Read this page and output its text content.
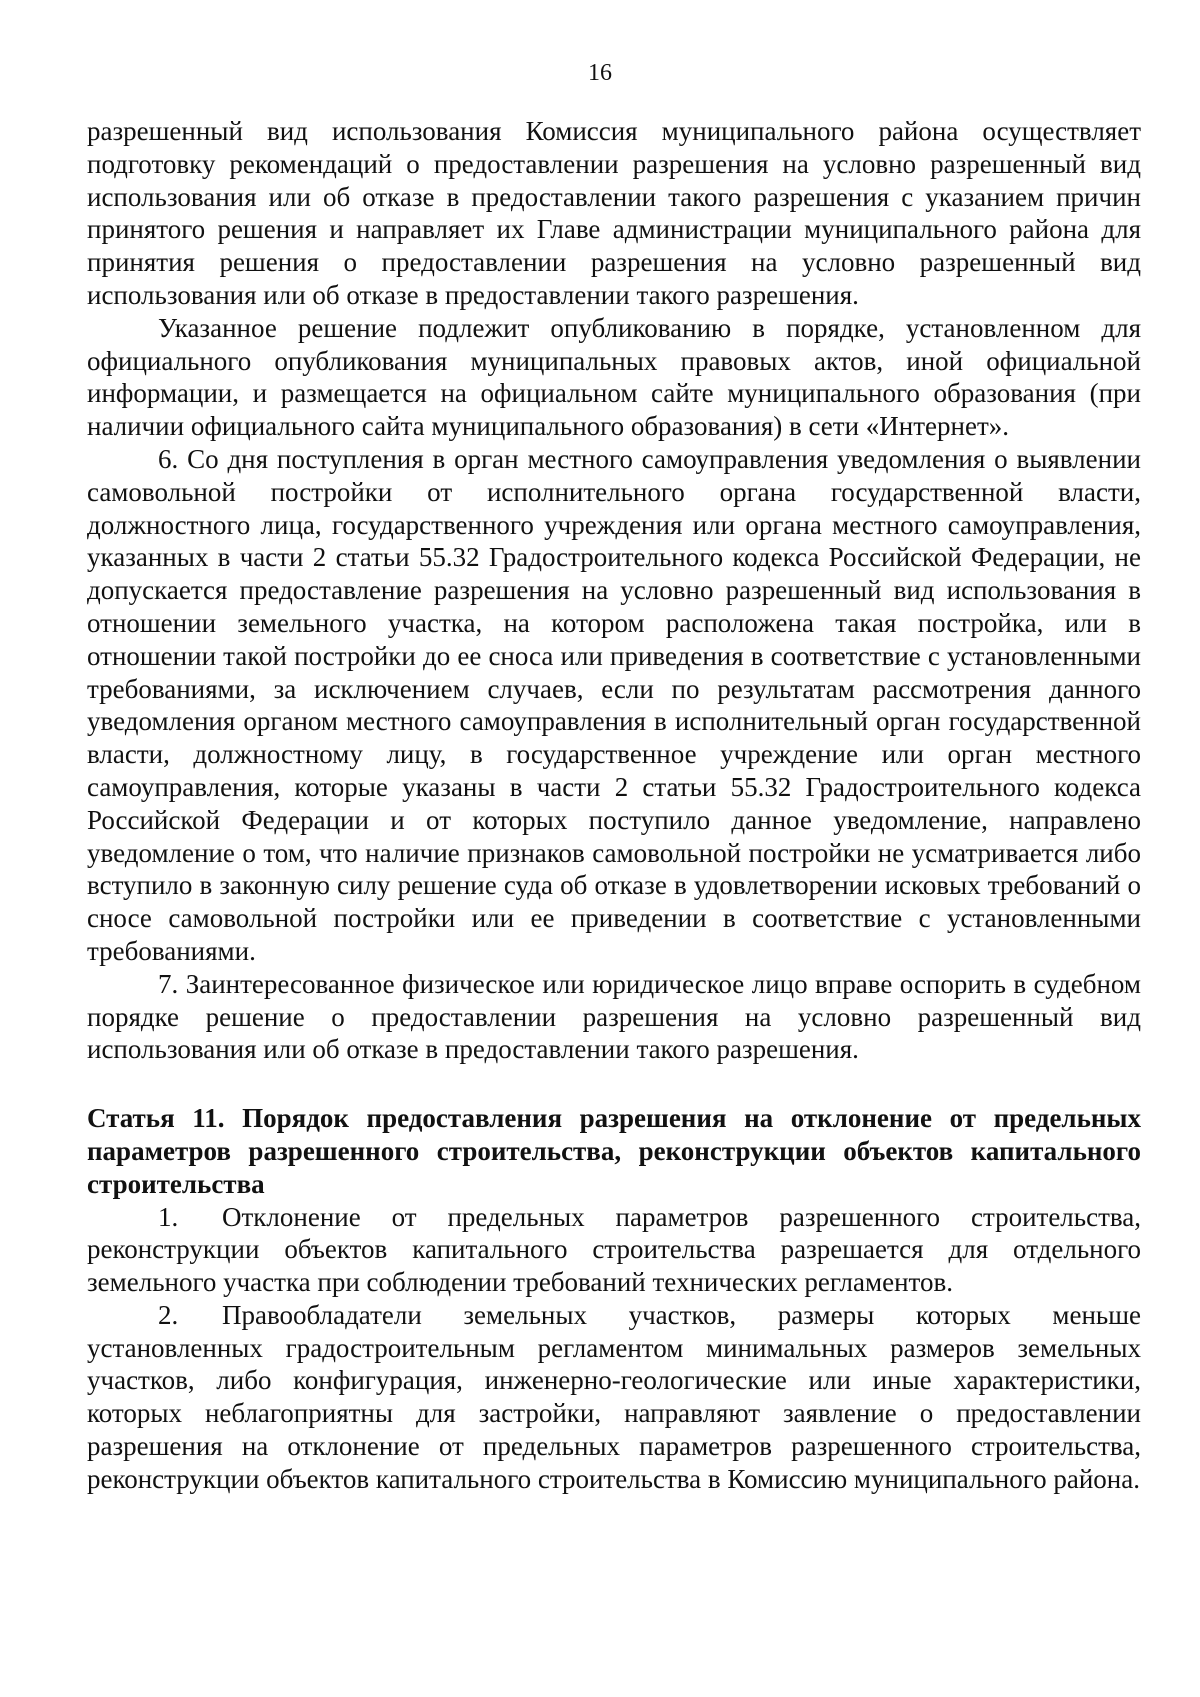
16

разрешенный вид использования Комиссия муниципального района осуществляет подготовку рекомендаций о предоставлении разрешения на условно разрешенный вид использования или об отказе в предоставлении такого разрешения с указанием причин принятого решения и направляет их Главе администрации муниципального района для принятия решения о предоставлении разрешения на условно разрешенный вид использования или об отказе в предоставлении такого разрешения.

Указанное решение подлежит опубликованию в порядке, установленном для официального опубликования муниципальных правовых актов, иной официальной информации, и размещается на официальном сайте муниципального образования (при наличии официального сайта муниципального образования) в сети «Интернет».

6. Со дня поступления в орган местного самоуправления уведомления о выявлении самовольной постройки от исполнительного органа государственной власти, должностного лица, государственного учреждения или органа местного самоуправления, указанных в части 2 статьи 55.32 Градостроительного кодекса Российской Федерации, не допускается предоставление разрешения на условно разрешенный вид использования в отношении земельного участка, на котором расположена такая постройка, или в отношении такой постройки до ее сноса или приведения в соответствие с установленными требованиями, за исключением случаев, если по результатам рассмотрения данного уведомления органом местного самоуправления в исполнительный орган государственной власти, должностному лицу, в государственное учреждение или орган местного самоуправления, которые указаны в части 2 статьи 55.32 Градостроительного кодекса Российской Федерации и от которых поступило данное уведомление, направлено уведомление о том, что наличие признаков самовольной постройки не усматривается либо вступило в законную силу решение суда об отказе в удовлетворении исковых требований о сносе самовольной постройки или ее приведении в соответствие с установленными требованиями.

7. Заинтересованное физическое или юридическое лицо вправе оспорить в судебном порядке решение о предоставлении разрешения на условно разрешенный вид использования или об отказе в предоставлении такого разрешения.

Статья 11. Порядок предоставления разрешения на отклонение от предельных параметров разрешенного строительства, реконструкции объектов капитального строительства

1. Отклонение от предельных параметров разрешенного строительства, реконструкции объектов капитального строительства разрешается для отдельного земельного участка при соблюдении требований технических регламентов.

2. Правообладатели земельных участков, размеры которых меньше установленных градостроительным регламентом минимальных размеров земельных участков, либо конфигурация, инженерно-геологические или иные характеристики, которых неблагоприятны для застройки, направляют заявление о предоставлении разрешения на отклонение от предельных параметров разрешенного строительства, реконструкции объектов капитального строительства в Комиссию муниципального района.
